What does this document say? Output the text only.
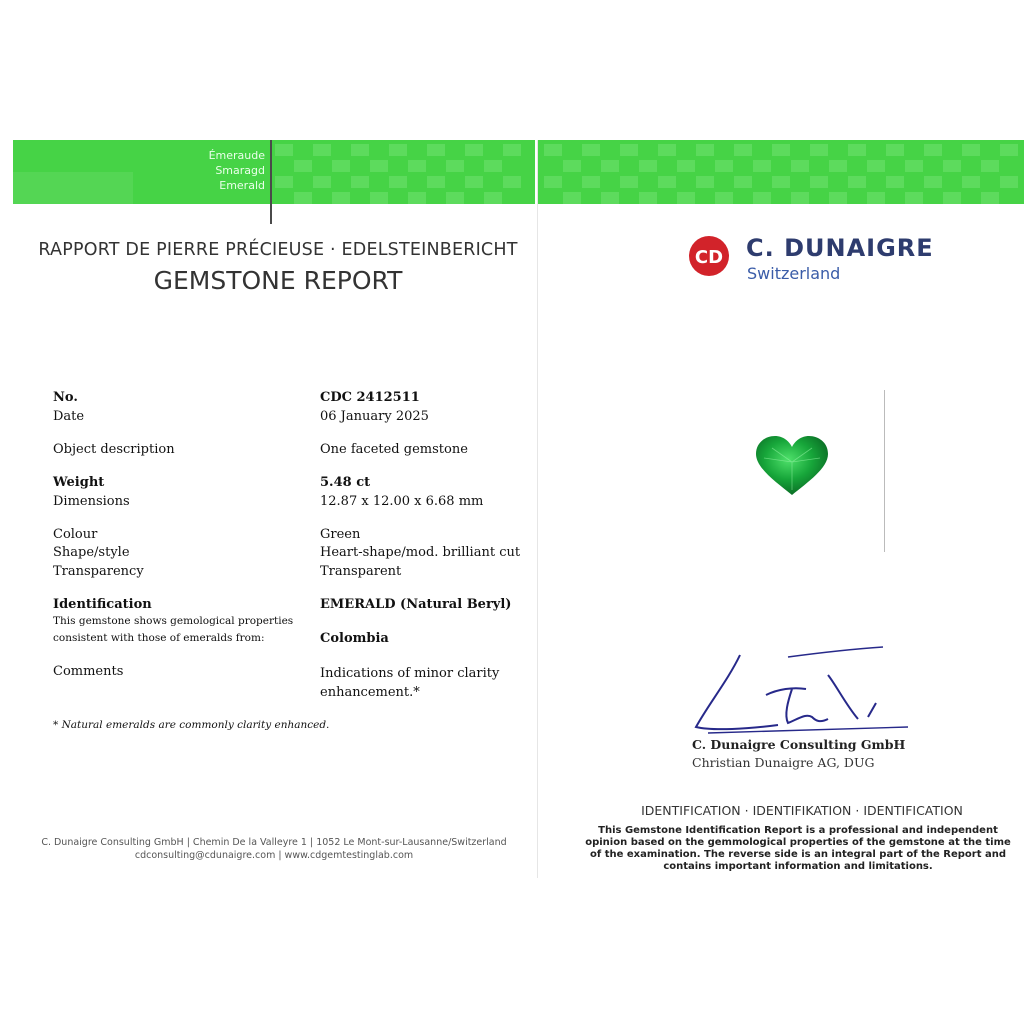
Émeraude
Smaragd
Emerald
RAPPORT DE PIERRE PRÉCIEUSE · EDELSTEINBERICHT
GEMSTONE REPORT
No.	CDC 2412511
Date	06 January 2025
Object description	One faceted gemstone
Weight	5.48 ct
Dimensions	12.87 x 12.00 x 6.68 mm
Colour	Green
Shape/style	Heart-shape/mod. brilliant cut
Transparency	Transparent
Identification	EMERALD (Natural Beryl)
This gemstone shows gemological properties
consistent with those of emeralds from:	Colombia
Comments	Indications of minor clarity
enhancement.*
* Natural emeralds are commonly clarity enhanced.
C. Dunaigre Consulting GmbH | Chemin De la Valleyre 1 | 1052 Le Mont-sur-Lausanne/Switzerland
cdconsulting@cdunaigre.com | www.cdgemtestinglab.com
CD C. DUNAIGRE
Switzerland
C. Dunaigre Consulting GmbH
Christian Dunaigre AG, DUG
IDENTIFICATION · IDENTIFIKATION · IDENTIFICATION
This Gemstone Identification Report is a professional and independent opinion based on the gemmological properties of the gemstone at the time of the examination. The reverse side is an integral part of the Report and contains important information and limitations.
